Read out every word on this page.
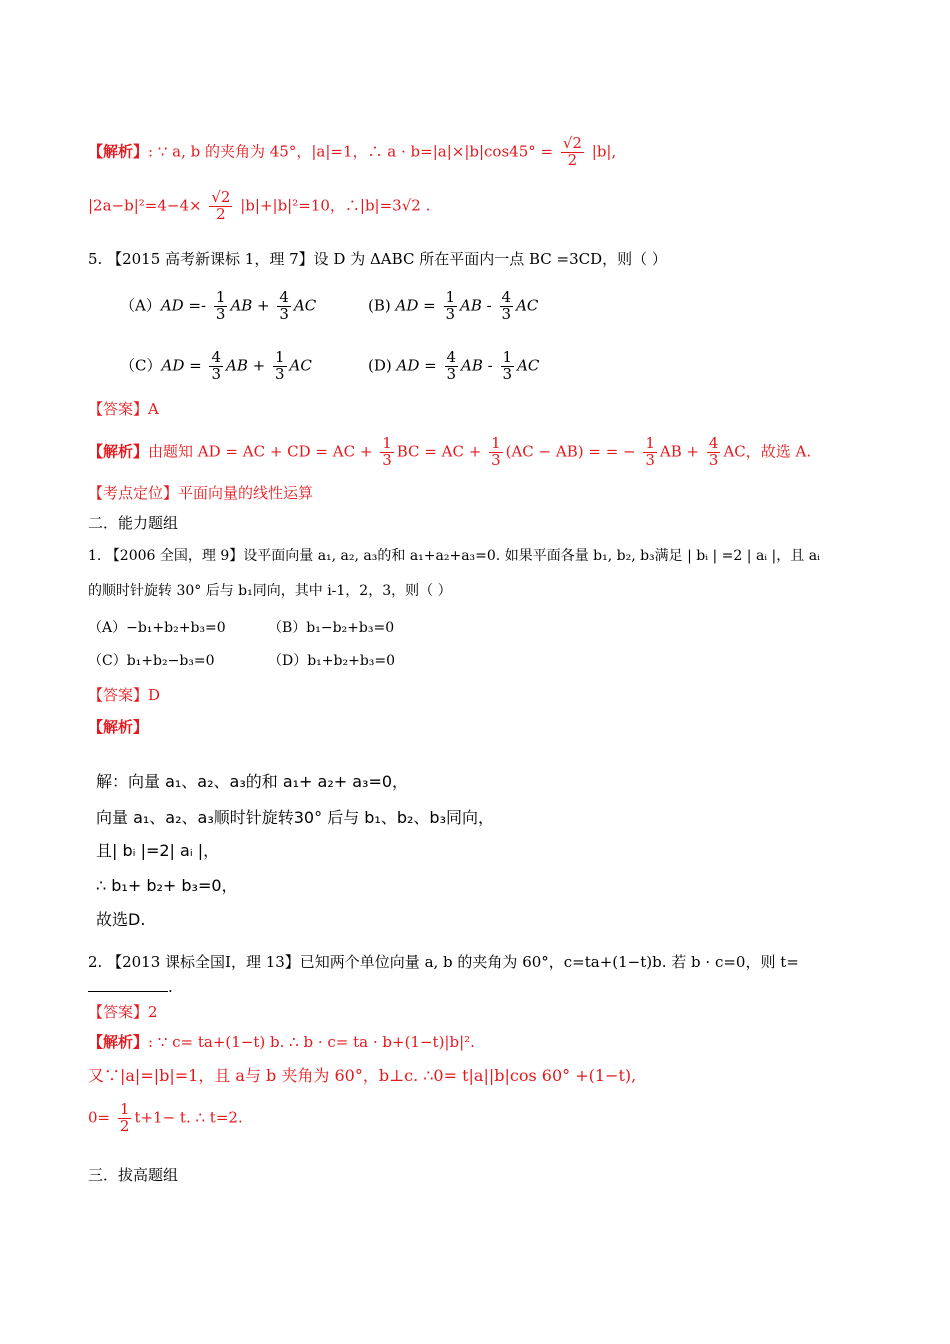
【解析】: ∵ a, b 的夹角为 45°，|a|=1，∴ $a \cdot b=|a|\times|b|\cos 45^\circ = \frac{√2}{2} |b|$,
$|2a-b|^2=4-4\times \frac{√2}{2} |b|+|b|^2=10$，∴|b|=3√2 .
5. 【2015 高考新课标 1，理 7】设 D 为 ΔABC 所在平面内一点 BC =3CD，则（ ）
$(A)AD =- \frac{1}{3}$ AB + $\frac{4}{3}$ AC	(B) AD = $\frac{1}{3}$ AB - $\frac{4}{3}$ AC
$(C)AD = \frac{4}{3}$ AB + $\frac{1}{3}$ AC	(D) AD = $\frac{4}{3}$ AB - $\frac{1}{3}$ AC
【答案】A
【解析】由题知 AD = AC + CD = AC + $\frac{1}{3}$ BC = AC + $\frac{1}{3} (AC - AB)$ = = − $\frac{1}{3}$ AB + $\frac{4}{3}$ AC，故选 A.
【考点定位】平面向量的线性运算
二．能力题组
1. 【2006 全国，理 9】设平面向量 a₁, a₂, a₃的和 a₁+a₂+a₃=0. 如果平面各量 b₁, b₂, b₃满足 | bᵢ | =2 | aᵢ |，且 aᵢ
的顺时针旋转 30° 后与 b₁同向，其中 i-1，2，3，则（ ）
（A）−b₁+b₂+b₃=0	（B）b₁−b₂+b₃=0
（C）b₁+b₂−b₃=0	（D）b₁+b₂+b₃=0
【答案】D
【解析】
解：向量 a₁、a₂、a₃的和 a₁+ a₂+ a₃=0，
向量 a₁、a₂、a₃顺时针旋转30° 后与 b₁、b₂、b₃同向，
且| bᵢ |=2| aᵢ |，
∴ b₁+ b₂+ b₃=0，
故选D.
2. 【2013 课标全国Ⅰ，理 13】已知两个单位向量 a, b 的夹角为 60°，c=ta+(1−t)b. 若 b · c=0，则 t=
.
【答案】2
【解析】: ∵ c= ta+(1−t) b. ∴ b · c= ta · b+(1−t)|b|².
又∵|a|=|b|=1，且 a与 b 夹角为 60°，b⊥c. ∴0= t|a||b|cos 60° +(1−t),
$0= \frac{1}{2} t+1- t$. ∴ t=2.
三．拔高题组
